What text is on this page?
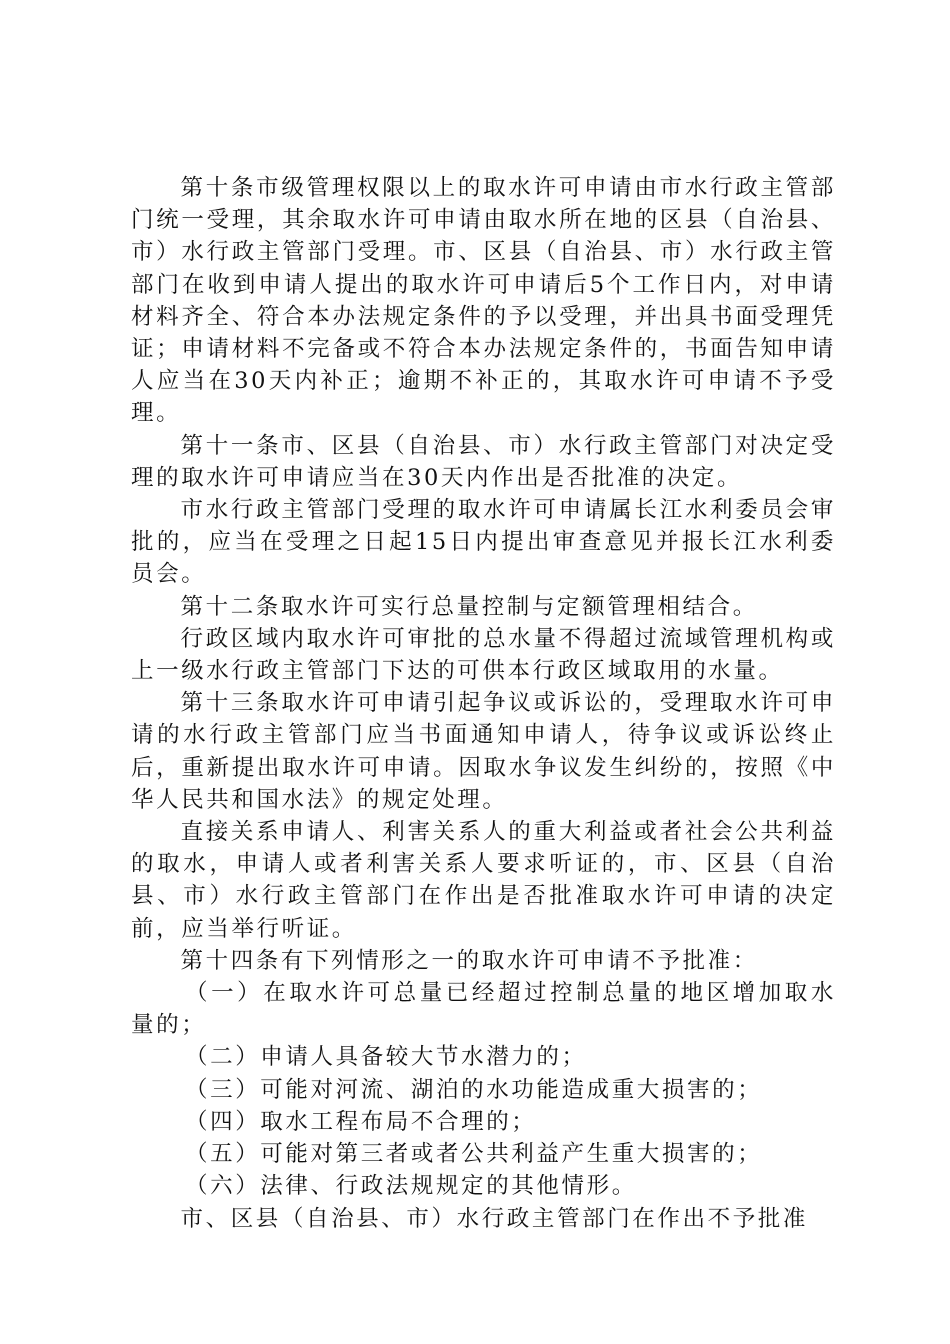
第十条市级管理权限以上的取水许可申请由市水行政主管部门统一受理，其余取水许可申请由取水所在地的区县（自治县、市）水行政主管部门受理。市、区县（自治县、市）水行政主管部门在收到申请人提出的取水许可申请后5个工作日内，对申请材料齐全、符合本办法规定条件的予以受理，并出具书面受理凭证；申请材料不完备或不符合本办法规定条件的，书面告知申请人应当在30天内补正；逾期不补正的，其取水许可申请不予受理。

第十一条市、区县（自治县、市）水行政主管部门对决定受理的取水许可申请应当在30天内作出是否批准的决定。

市水行政主管部门受理的取水许可申请属长江水利委员会审批的，应当在受理之日起15日内提出审查意见并报长江水利委员会。

第十二条取水许可实行总量控制与定额管理相结合。

行政区域内取水许可审批的总水量不得超过流域管理机构或上一级水行政主管部门下达的可供本行政区域取用的水量。

第十三条取水许可申请引起争议或诉讼的，受理取水许可申请的水行政主管部门应当书面通知申请人，待争议或诉讼终止后，重新提出取水许可申请。因取水争议发生纠纷的，按照《中华人民共和国水法》的规定处理。

直接关系申请人、利害关系人的重大利益或者社会公共利益的取水，申请人或者利害关系人要求听证的，市、区县（自治县、市）水行政主管部门在作出是否批准取水许可申请的决定前，应当举行听证。

第十四条有下列情形之一的取水许可申请不予批准：

（一）在取水许可总量已经超过控制总量的地区增加取水量的；

（二）申请人具备较大节水潜力的；

（三）可能对河流、湖泊的水功能造成重大损害的；

（四）取水工程布局不合理的；

（五）可能对第三者或者公共利益产生重大损害的；

（六）法律、行政法规规定的其他情形。

市、区县（自治县、市）水行政主管部门在作出不予批准
